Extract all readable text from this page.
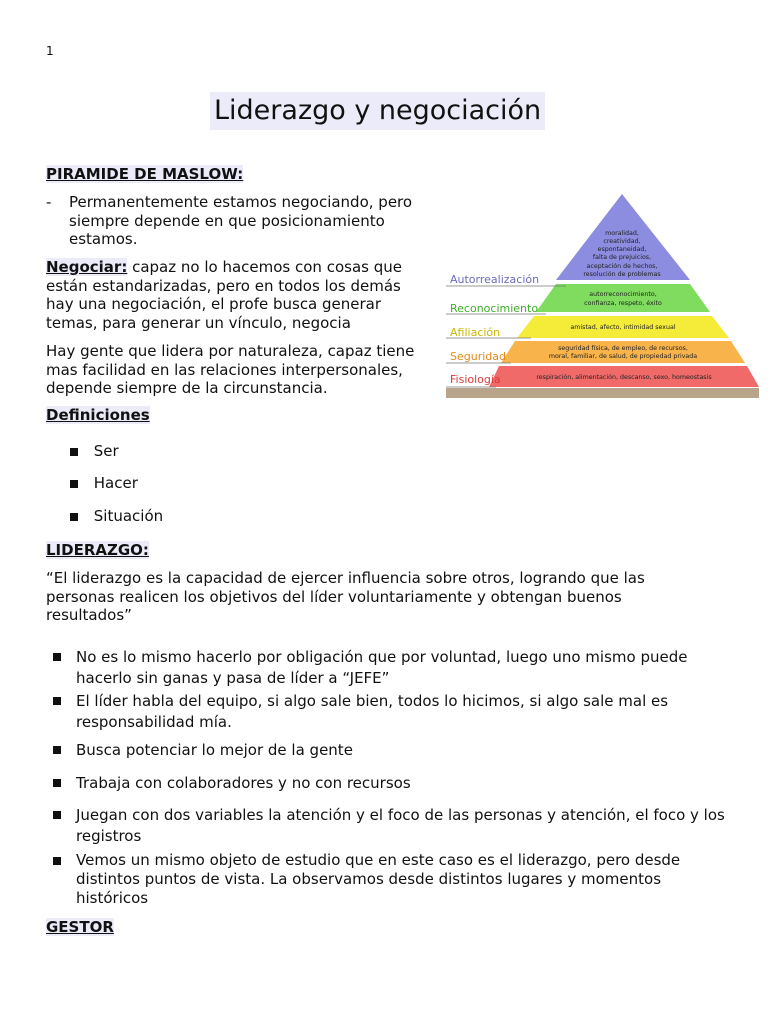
1
Liderazgo y negociación
PIRAMIDE DE MASLOW:
- Permanentemente estamos negociando, pero siempre depende en que posicionamiento estamos.
Negociar: capaz no lo hacemos con cosas que están estandarizadas, pero en todos los demás hay una negociación, el profe busca generar temas, para generar un vínculo, negocia
Hay gente que lidera por naturaleza, capaz tiene mas facilidad en las relaciones interpersonales, depende siempre de la circunstancia.
Autorrealización
Reconocimiento
Afiliación
Seguridad
Fisiología
moralidad,
creatividad,
espontaneidad,
falta de prejuicios,
aceptación de hechos,
resolución de problemas
autorreconocimiento,
confianza, respeto, éxito
amistad, afecto, intimidad sexual
seguridad física, de empleo, de recursos,
moral, familiar, de salud, de propiedad privada
respiración, alimentación, descanso, sexo, homeostasis
Definiciones
Ser
Hacer
Situación
LIDERAZGO:
“El liderazgo es la capacidad de ejercer influencia sobre otros, logrando que las personas realicen los objetivos del líder voluntariamente y obtengan buenos resultados”
No es lo mismo hacerlo por obligación que por voluntad, luego uno mismo puede hacerlo sin ganas y pasa de líder a “JEFE”
El líder habla del equipo, si algo sale bien, todos lo hicimos, si algo sale mal es responsabilidad mía.
Busca potenciar lo mejor de la gente
Trabaja con colaboradores y no con recursos
Juegan con dos variables la atención y el foco de las personas y atención, el foco y los registros
Vemos un mismo objeto de estudio que en este caso es el liderazgo, pero desde distintos puntos de vista. La observamos desde distintos lugares y momentos históricos
GESTOR
